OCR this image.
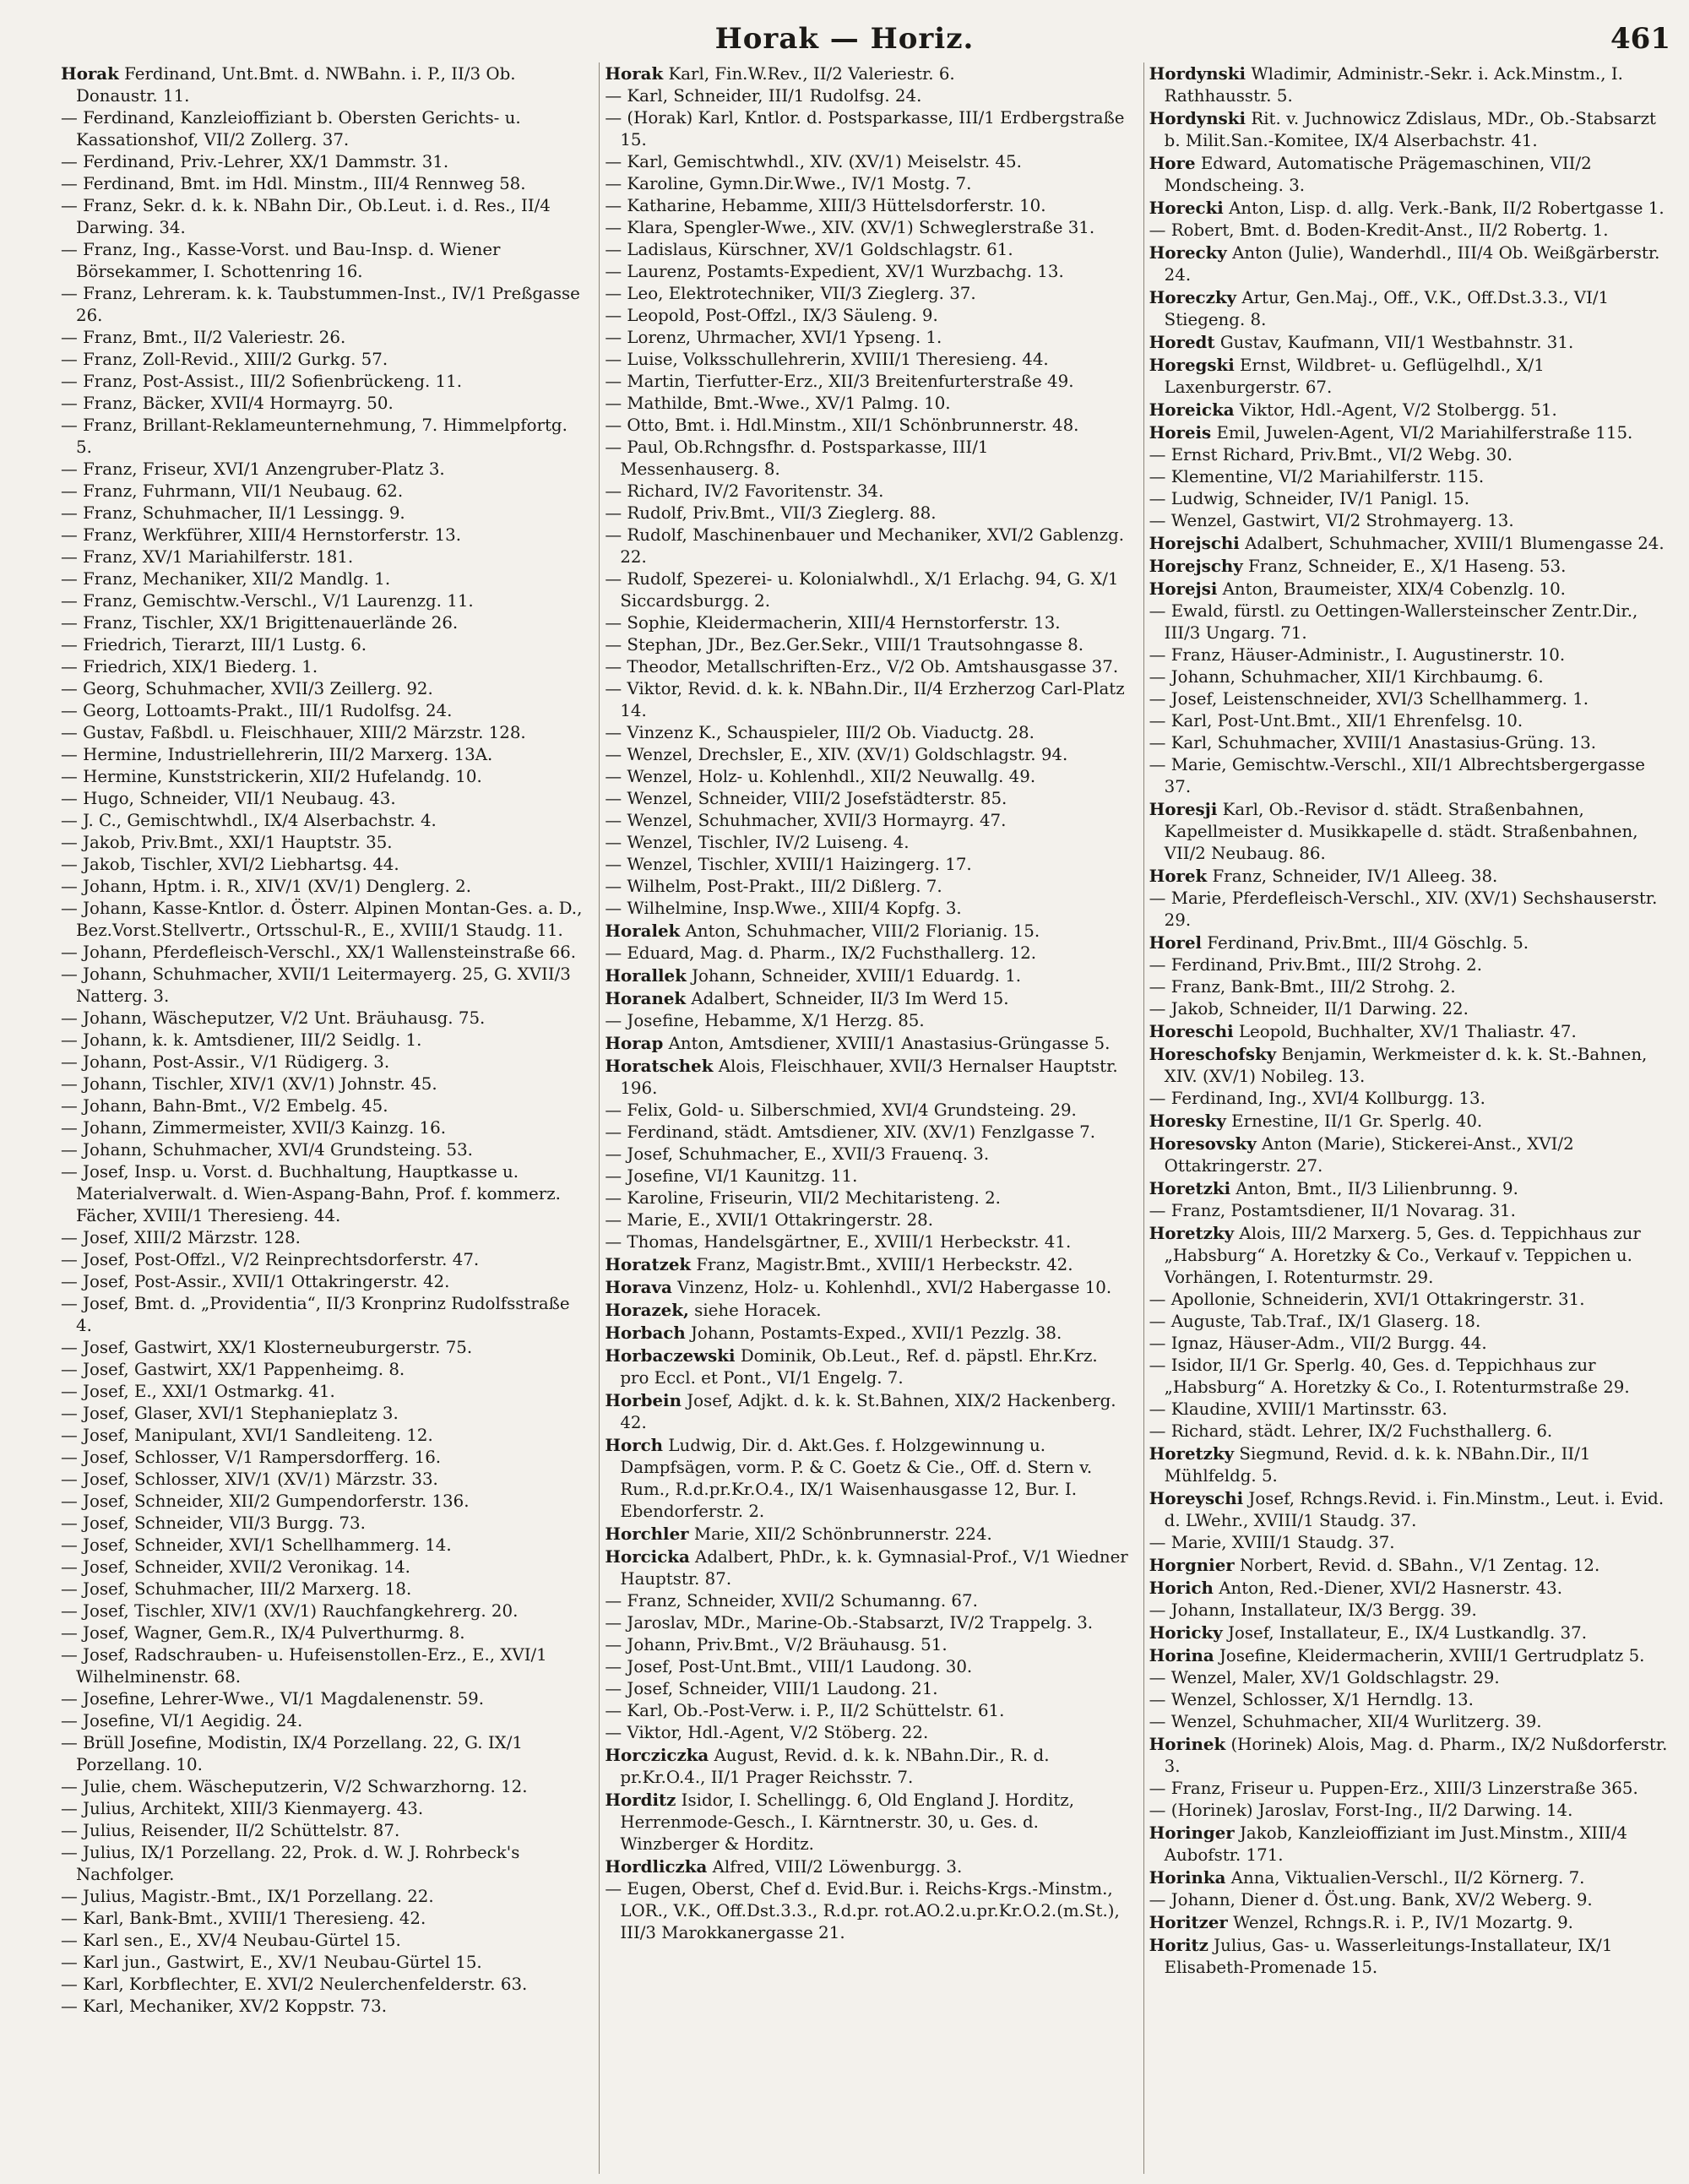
Horak — Horiz.	461
Horak Ferdinand, Unt.Bmt. d. NWBahn. i. P., II/3 Ob. Donaustr. 11.
— Ferdinand, Kanzleioffiziant b. Obersten Gerichts- u. Kassationshof, VII/2 Zollerg. 37.
— Ferdinand, Priv.-Lehrer, XX/1 Dammstr. 31.
— Ferdinand, Bmt. im Hdl. Minstm., III/4 Rennweg 58.
— Franz, Sekr. d. k. k. NBahn Dir., Ob.Leut. i. d. Res., II/4 Darwing. 34.
— Franz, Ing., Kasse-Vorst. und Bau-Insp. d. Wiener Börsekammer, I. Schottenring 16.
— Franz, Lehreram. k. k. Taubstummen-Inst., IV/1 Preßgasse 26.
— Franz, Bmt., II/2 Valeriestr. 26.
— Franz, Zoll-Revid., XIII/2 Gurkg. 57.
— Franz, Post-Assist., III/2 Sofienbrückeng. 11.
— Franz, Bäcker, XVII/4 Hormayrg. 50.
— Franz, Brillant-Reklameunternehmung, 7. Himmelpfortg. 5.
— Franz, Friseur, XVI/1 Anzengruber-Platz 3.
— Franz, Fuhrmann, VII/1 Neubaug. 62.
— Franz, Schuhmacher, II/1 Lessingg. 9.
— Franz, Werkführer, XIII/4 Hernstorferstr. 13.
— Franz, XV/1 Mariahilferstr. 181.
— Franz, Mechaniker, XII/2 Mandlg. 1.
— Franz, Gemischtw.-Verschl., V/1 Laurenzg. 11.
— Franz, Tischler, XX/1 Brigittenauerlände 26.
— Friedrich, Tierarzt, III/1 Lustg. 6.
— Friedrich, XIX/1 Biederg. 1.
— Georg, Schuhmacher, XVII/3 Zeillerg. 92.
— Georg, Lottoamts-Prakt., III/1 Rudolfsg. 24.
— Gustav, Faßbdl. u. Fleischhauer, XIII/2 Märzstr. 128.
— Hermine, Industriellehrerin, III/2 Marxerg. 13A.
— Hermine, Kunststrickerin, XII/2 Hufelandg. 10.
— Hugo, Schneider, VII/1 Neubaug. 43.
— J. C., Gemischtwhdl., IX/4 Alserbachstr. 4.
— Jakob, Priv.Bmt., XXI/1 Hauptstr. 35.
— Jakob, Tischler, XVI/2 Liebhartsg. 44.
— Johann, Hptm. i. R., XIV/1 (XV/1) Denglerg. 2.
— Johann, Kasse-Kntlor. d. Österr. Alpinen Montan-Ges. a. D., Bez.Vorst.Stellvertr., Ortsschul-R., E., XVIII/1 Staudg. 11.
— Johann, Pferdefleisch-Verschl., XX/1 Wallensteinstraße 66.
— Johann, Schuhmacher, XVII/1 Leitermayerg. 25, G. XVII/3 Natterg. 3.
— Johann, Wäscheputzer, V/2 Unt. Bräuhausg. 75.
— Johann, k. k. Amtsdiener, III/2 Seidlg. 1.
— Johann, Post-Assir., V/1 Rüdigerg. 3.
— Johann, Tischler, XIV/1 (XV/1) Johnstr. 45.
— Johann, Bahn-Bmt., V/2 Embelg. 45.
— Johann, Zimmermeister, XVII/3 Kainzg. 16.
— Johann, Schuhmacher, XVI/4 Grundsteing. 53.
— Josef, Insp. u. Vorst. d. Buchhaltung, Hauptkasse u. Materialverwalt. d. Wien-Aspang-Bahn, Prof. f. kommerz. Fächer, XVIII/1 Theresieng. 44.
— Josef, XIII/2 Märzstr. 128.
— Josef, Post-Offzl., V/2 Reinprechtsdorferstr. 47.
— Josef, Post-Assir., XVII/1 Ottakringerstr. 42.
— Josef, Bmt. d. „Providentia“, II/3 Kronprinz Rudolfsstraße 4.
— Josef, Gastwirt, XX/1 Klosterneuburgerstr. 75.
— Josef, Gastwirt, XX/1 Pappenheimg. 8.
— Josef, E., XXI/1 Ostmarkg. 41.
— Josef, Glaser, XVI/1 Stephanieplatz 3.
— Josef, Manipulant, XVI/1 Sandleiteng. 12.
— Josef, Schlosser, V/1 Rampersdorfferg. 16.
— Josef, Schlosser, XIV/1 (XV/1) Märzstr. 33.
— Josef, Schneider, XII/2 Gumpendorferstr. 136.
— Josef, Schneider, VII/3 Burgg. 73.
— Josef, Schneider, XVI/1 Schellhammerg. 14.
— Josef, Schneider, XVII/2 Veronikag. 14.
— Josef, Schuhmacher, III/2 Marxerg. 18.
— Josef, Tischler, XIV/1 (XV/1) Rauchfangkehrerg. 20.
— Josef, Wagner, Gem.R., IX/4 Pulverthurmg. 8.
— Josef, Radschrauben- u. Hufeisenstollen-Erz., E., XVI/1 Wilhelminenstr. 68.
— Josefine, Lehrer-Wwe., VI/1 Magdalenenstr. 59.
— Josefine, VI/1 Aegidig. 24.
— Brüll Josefine, Modistin, IX/4 Porzellang. 22, G. IX/1 Porzellang. 10.
— Julie, chem. Wäscheputzerin, V/2 Schwarzhorng. 12.
— Julius, Architekt, XIII/3 Kienmayerg. 43.
— Julius, Reisender, II/2 Schüttelstr. 87.
— Julius, IX/1 Porzellang. 22, Prok. d. W. J. Rohrbeck's Nachfolger.
— Julius, Magistr.-Bmt., IX/1 Porzellang. 22.
— Karl, Bank-Bmt., XVIII/1 Theresieng. 42.
— Karl sen., E., XV/4 Neubau-Gürtel 15.
— Karl jun., Gastwirt, E., XV/1 Neubau-Gürtel 15.
— Karl, Korbflechter, E. XVI/2 Neulerchenfelderstr. 63.
— Karl, Mechaniker, XV/2 Koppstr. 73.
Horak Karl, Fin.W.Rev., II/2 Valeriestr. 6.
— Karl, Schneider, III/1 Rudolfsg. 24.
— (Horak) Karl, Kntlor. d. Postsparkasse, III/1 Erdbergstraße 15.
— Karl, Gemischtwhdl., XIV. (XV/1) Meiselstr. 45.
— Karoline, Gymn.Dir.Wwe., IV/1 Mostg. 7.
— Katharine, Hebamme, XIII/3 Hüttelsdorferstr. 10.
— Klara, Spengler-Wwe., XIV. (XV/1) Schweglerstraße 31.
— Ladislaus, Kürschner, XV/1 Goldschlagstr. 61.
— Laurenz, Postamts-Expedient, XV/1 Wurzbachg. 13.
— Leo, Elektrotechniker, VII/3 Zieglerg. 37.
— Leopold, Post-Offzl., IX/3 Säuleng. 9.
— Lorenz, Uhrmacher, XVI/1 Ypseng. 1.
— Luise, Volksschullehrerin, XVIII/1 Theresieng. 44.
— Martin, Tierfutter-Erz., XII/3 Breitenfurterstraße 49.
— Mathilde, Bmt.-Wwe., XV/1 Palmg. 10.
— Otto, Bmt. i. Hdl.Minstm., XII/1 Schönbrunnerstr. 48.
— Paul, Ob.Rchngsfhr. d. Postsparkasse, III/1 Messenhauserg. 8.
— Richard, IV/2 Favoritenstr. 34.
— Rudolf, Priv.Bmt., VII/3 Zieglerg. 88.
— Rudolf, Maschinenbauer und Mechaniker, XVI/2 Gablenzg. 22.
— Rudolf, Spezerei- u. Kolonialwhdl., X/1 Erlachg. 94, G. X/1 Siccardsburgg. 2.
— Sophie, Kleidermacherin, XIII/4 Hernstorferstr. 13.
— Stephan, JDr., Bez.Ger.Sekr., VIII/1 Trautsohngasse 8.
— Theodor, Metallschriften-Erz., V/2 Ob. Amtshausgasse 37.
— Viktor, Revid. d. k. k. NBahn.Dir., II/4 Erzherzog Carl-Platz 14.
— Vinzenz K., Schauspieler, III/2 Ob. Viaductg. 28.
— Wenzel, Drechsler, E., XIV. (XV/1) Goldschlagstr. 94.
— Wenzel, Holz- u. Kohlenhdl., XII/2 Neuwallg. 49.
— Wenzel, Schneider, VIII/2 Josefstädterstr. 85.
— Wenzel, Schuhmacher, XVII/3 Hormayrg. 47.
— Wenzel, Tischler, IV/2 Luiseng. 4.
— Wenzel, Tischler, XVIII/1 Haizingerg. 17.
— Wilhelm, Post-Prakt., III/2 Dißlerg. 7.
— Wilhelmine, Insp.Wwe., XIII/4 Kopfg. 3.
Horalek Anton, Schuhmacher, VIII/2 Florianig. 15.
— Eduard, Mag. d. Pharm., IX/2 Fuchsthallerg. 12.
Horallek Johann, Schneider, XVIII/1 Eduardg. 1.
Horanek Adalbert, Schneider, II/3 Im Werd 15.
— Josefine, Hebamme, X/1 Herzg. 85.
Horap Anton, Amtsdiener, XVIII/1 Anastasius-Grüngasse 5.
Horatschek Alois, Fleischhauer, XVII/3 Hernalser Hauptstr. 196.
— Felix, Gold- u. Silberschmied, XVI/4 Grundsteing. 29.
— Ferdinand, städt. Amtsdiener, XIV. (XV/1) Fenzlgasse 7.
— Josef, Schuhmacher, E., XVII/3 Frauenq. 3.
— Josefine, VI/1 Kaunitzg. 11.
— Karoline, Friseurin, VII/2 Mechitaristeng. 2.
— Marie, E., XVII/1 Ottakringerstr. 28.
— Thomas, Handelsgärtner, E., XVIII/1 Herbeckstr. 41.
Horatzek Franz, Magistr.Bmt., XVIII/1 Herbeckstr. 42.
Horava Vinzenz, Holz- u. Kohlenhdl., XVI/2 Habergasse 10.
Horazek, siehe Horacek.
Horbach Johann, Postamts-Exped., XVII/1 Pezzlg. 38.
Horbaczewski Dominik, Ob.Leut., Ref. d. päpstl. Ehr.Krz. pro Eccl. et Pont., VI/1 Engelg. 7.
Horbein Josef, Adjkt. d. k. k. St.Bahnen, XIX/2 Hackenberg. 42.
Horch Ludwig, Dir. d. Akt.Ges. f. Holzgewinnung u. Dampfsägen, vorm. P. & C. Goetz & Cie., Off. d. Stern v. Rum., R.d.pr.Kr.O.4., IX/1 Waisenhausgasse 12, Bur. I. Ebendorferstr. 2.
Horchler Marie, XII/2 Schönbrunnerstr. 224.
Horcicka Adalbert, PhDr., k. k. Gymnasial-Prof., V/1 Wiedner Hauptstr. 87.
— Franz, Schneider, XVII/2 Schumanng. 67.
— Jaroslav, MDr., Marine-Ob.-Stabsarzt, IV/2 Trappelg. 3.
— Johann, Priv.Bmt., V/2 Bräuhausg. 51.
— Josef, Post-Unt.Bmt., VIII/1 Laudong. 30.
— Josef, Schneider, VIII/1 Laudong. 21.
— Karl, Ob.-Post-Verw. i. P., II/2 Schüttelstr. 61.
— Viktor, Hdl.-Agent, V/2 Stöberg. 22.
Horcziczka August, Revid. d. k. k. NBahn.Dir., R. d. pr.Kr.O.4., II/1 Prager Reichsstr. 7.
Horditz Isidor, I. Schellingg. 6, Old England J. Horditz, Herrenmode-Gesch., I. Kärntnerstr. 30, u. Ges. d. Winzberger & Horditz.
Hordliczka Alfred, VIII/2 Löwenburgg. 3.
— Eugen, Oberst, Chef d. Evid.Bur. i. Reichs-Krgs.-Minstm., LOR., V.K., Off.Dst.3.3., R.d.pr. rot.AO.2.u.pr.Kr.O.2.(m.St.), III/3 Marokkanergasse 21.
Hordynski Wladimir, Administr.-Sekr. i. Ack.Minstm., I. Rathhausstr. 5.
Hordynski Rit. v. Juchnowicz Zdislaus, MDr., Ob.-Stabsarzt b. Milit.San.-Komitee, IX/4 Alserbachstr. 41.
Hore Edward, Automatische Prägemaschinen, VII/2 Mondscheing. 3.
Horecki Anton, Lisp. d. allg. Verk.-Bank, II/2 Robertgasse 1.
— Robert, Bmt. d. Boden-Kredit-Anst., II/2 Robertg. 1.
Horecky Anton (Julie), Wanderhdl., III/4 Ob. Weißgärberstr. 24.
Horeczky Artur, Gen.Maj., Off., V.K., Off.Dst.3.3., VI/1 Stiegeng. 8.
Horedt Gustav, Kaufmann, VII/1 Westbahnstr. 31.
Horegski Ernst, Wildbret- u. Geflügelhdl., X/1 Laxenburgerstr. 67.
Horeicka Viktor, Hdl.-Agent, V/2 Stolbergg. 51.
Horeis Emil, Juwelen-Agent, VI/2 Mariahilferstraße 115.
— Ernst Richard, Priv.Bmt., VI/2 Webg. 30.
— Klementine, VI/2 Mariahilferstr. 115.
— Ludwig, Schneider, IV/1 Panigl. 15.
— Wenzel, Gastwirt, VI/2 Strohmayerg. 13.
Horejschi Adalbert, Schuhmacher, XVIII/1 Blumengasse 24.
Horejschy Franz, Schneider, E., X/1 Haseng. 53.
Horejsi Anton, Braumeister, XIX/4 Cobenzlg. 10.
— Ewald, fürstl. zu Oettingen-Wallersteinscher Zentr.Dir., III/3 Ungarg. 71.
— Franz, Häuser-Administr., I. Augustinerstr. 10.
— Johann, Schuhmacher, XII/1 Kirchbaumg. 6.
— Josef, Leistenschneider, XVI/3 Schellhammerg. 1.
— Karl, Post-Unt.Bmt., XII/1 Ehrenfelsg. 10.
— Karl, Schuhmacher, XVIII/1 Anastasius-Grüng. 13.
— Marie, Gemischtw.-Verschl., XII/1 Albrechtsbergergasse 37.
Horesji Karl, Ob.-Revisor d. städt. Straßenbahnen, Kapellmeister d. Musikkapelle d. städt. Straßenbahnen, VII/2 Neubaug. 86.
Horek Franz, Schneider, IV/1 Alleeg. 38.
— Marie, Pferdefleisch-Verschl., XIV. (XV/1) Sechshauserstr. 29.
Horel Ferdinand, Priv.Bmt., III/4 Göschlg. 5.
— Ferdinand, Priv.Bmt., III/2 Strohg. 2.
— Franz, Bank-Bmt., III/2 Strohg. 2.
— Jakob, Schneider, II/1 Darwing. 22.
Horeschi Leopold, Buchhalter, XV/1 Thaliastr. 47.
Horeschofsky Benjamin, Werkmeister d. k. k. St.-Bahnen, XIV. (XV/1) Nobileg. 13.
— Ferdinand, Ing., XVI/4 Kollburgg. 13.
Horesky Ernestine, II/1 Gr. Sperlg. 40.
Horesovsky Anton (Marie), Stickerei-Anst., XVI/2 Ottakringerstr. 27.
Horetzki Anton, Bmt., II/3 Lilienbrunng. 9.
— Franz, Postamtsdiener, II/1 Novarag. 31.
Horetzky Alois, III/2 Marxerg. 5, Ges. d. Teppichhaus zur „Habsburg“ A. Horetzky & Co., Verkauf v. Teppichen u. Vorhängen, I. Rotenturmstr. 29.
— Apollonie, Schneiderin, XVI/1 Ottakringerstr. 31.
— Auguste, Tab.Traf., IX/1 Glaserg. 18.
— Ignaz, Häuser-Adm., VII/2 Burgg. 44.
— Isidor, II/1 Gr. Sperlg. 40, Ges. d. Teppichhaus zur „Habsburg“ A. Horetzky & Co., I. Rotenturmstraße 29.
— Klaudine, XVIII/1 Martinsstr. 63.
— Richard, städt. Lehrer, IX/2 Fuchsthallerg. 6.
Horetzky Siegmund, Revid. d. k. k. NBahn.Dir., II/1 Mühlfeldg. 5.
Horeyschi Josef, Rchngs.Revid. i. Fin.Minstm., Leut. i. Evid. d. LWehr., XVIII/1 Staudg. 37.
— Marie, XVIII/1 Staudg. 37.
Horgnier Norbert, Revid. d. SBahn., V/1 Zentag. 12.
Horich Anton, Red.-Diener, XVI/2 Hasnerstr. 43.
— Johann, Installateur, IX/3 Bergg. 39.
Horicky Josef, Installateur, E., IX/4 Lustkandlg. 37.
Horina Josefine, Kleidermacherin, XVIII/1 Gertrudplatz 5.
— Wenzel, Maler, XV/1 Goldschlagstr. 29.
— Wenzel, Schlosser, X/1 Herndlg. 13.
— Wenzel, Schuhmacher, XII/4 Wurlitzerg. 39.
Horinek (Horinek) Alois, Mag. d. Pharm., IX/2 Nußdorferstr. 3.
— Franz, Friseur u. Puppen-Erz., XIII/3 Linzerstraße 365.
— (Horinek) Jaroslav, Forst-Ing., II/2 Darwing. 14.
Horinger Jakob, Kanzleioffiziant im Just.Minstm., XIII/4 Aubofstr. 171.
Horinka Anna, Viktualien-Verschl., II/2 Körnerg. 7.
— Johann, Diener d. Öst.ung. Bank, XV/2 Weberg. 9.
Horitzer Wenzel, Rchngs.R. i. P., IV/1 Mozartg. 9.
Horitz Julius, Gas- u. Wasserleitungs-Installateur, IX/1 Elisabeth-Promenade 15.
